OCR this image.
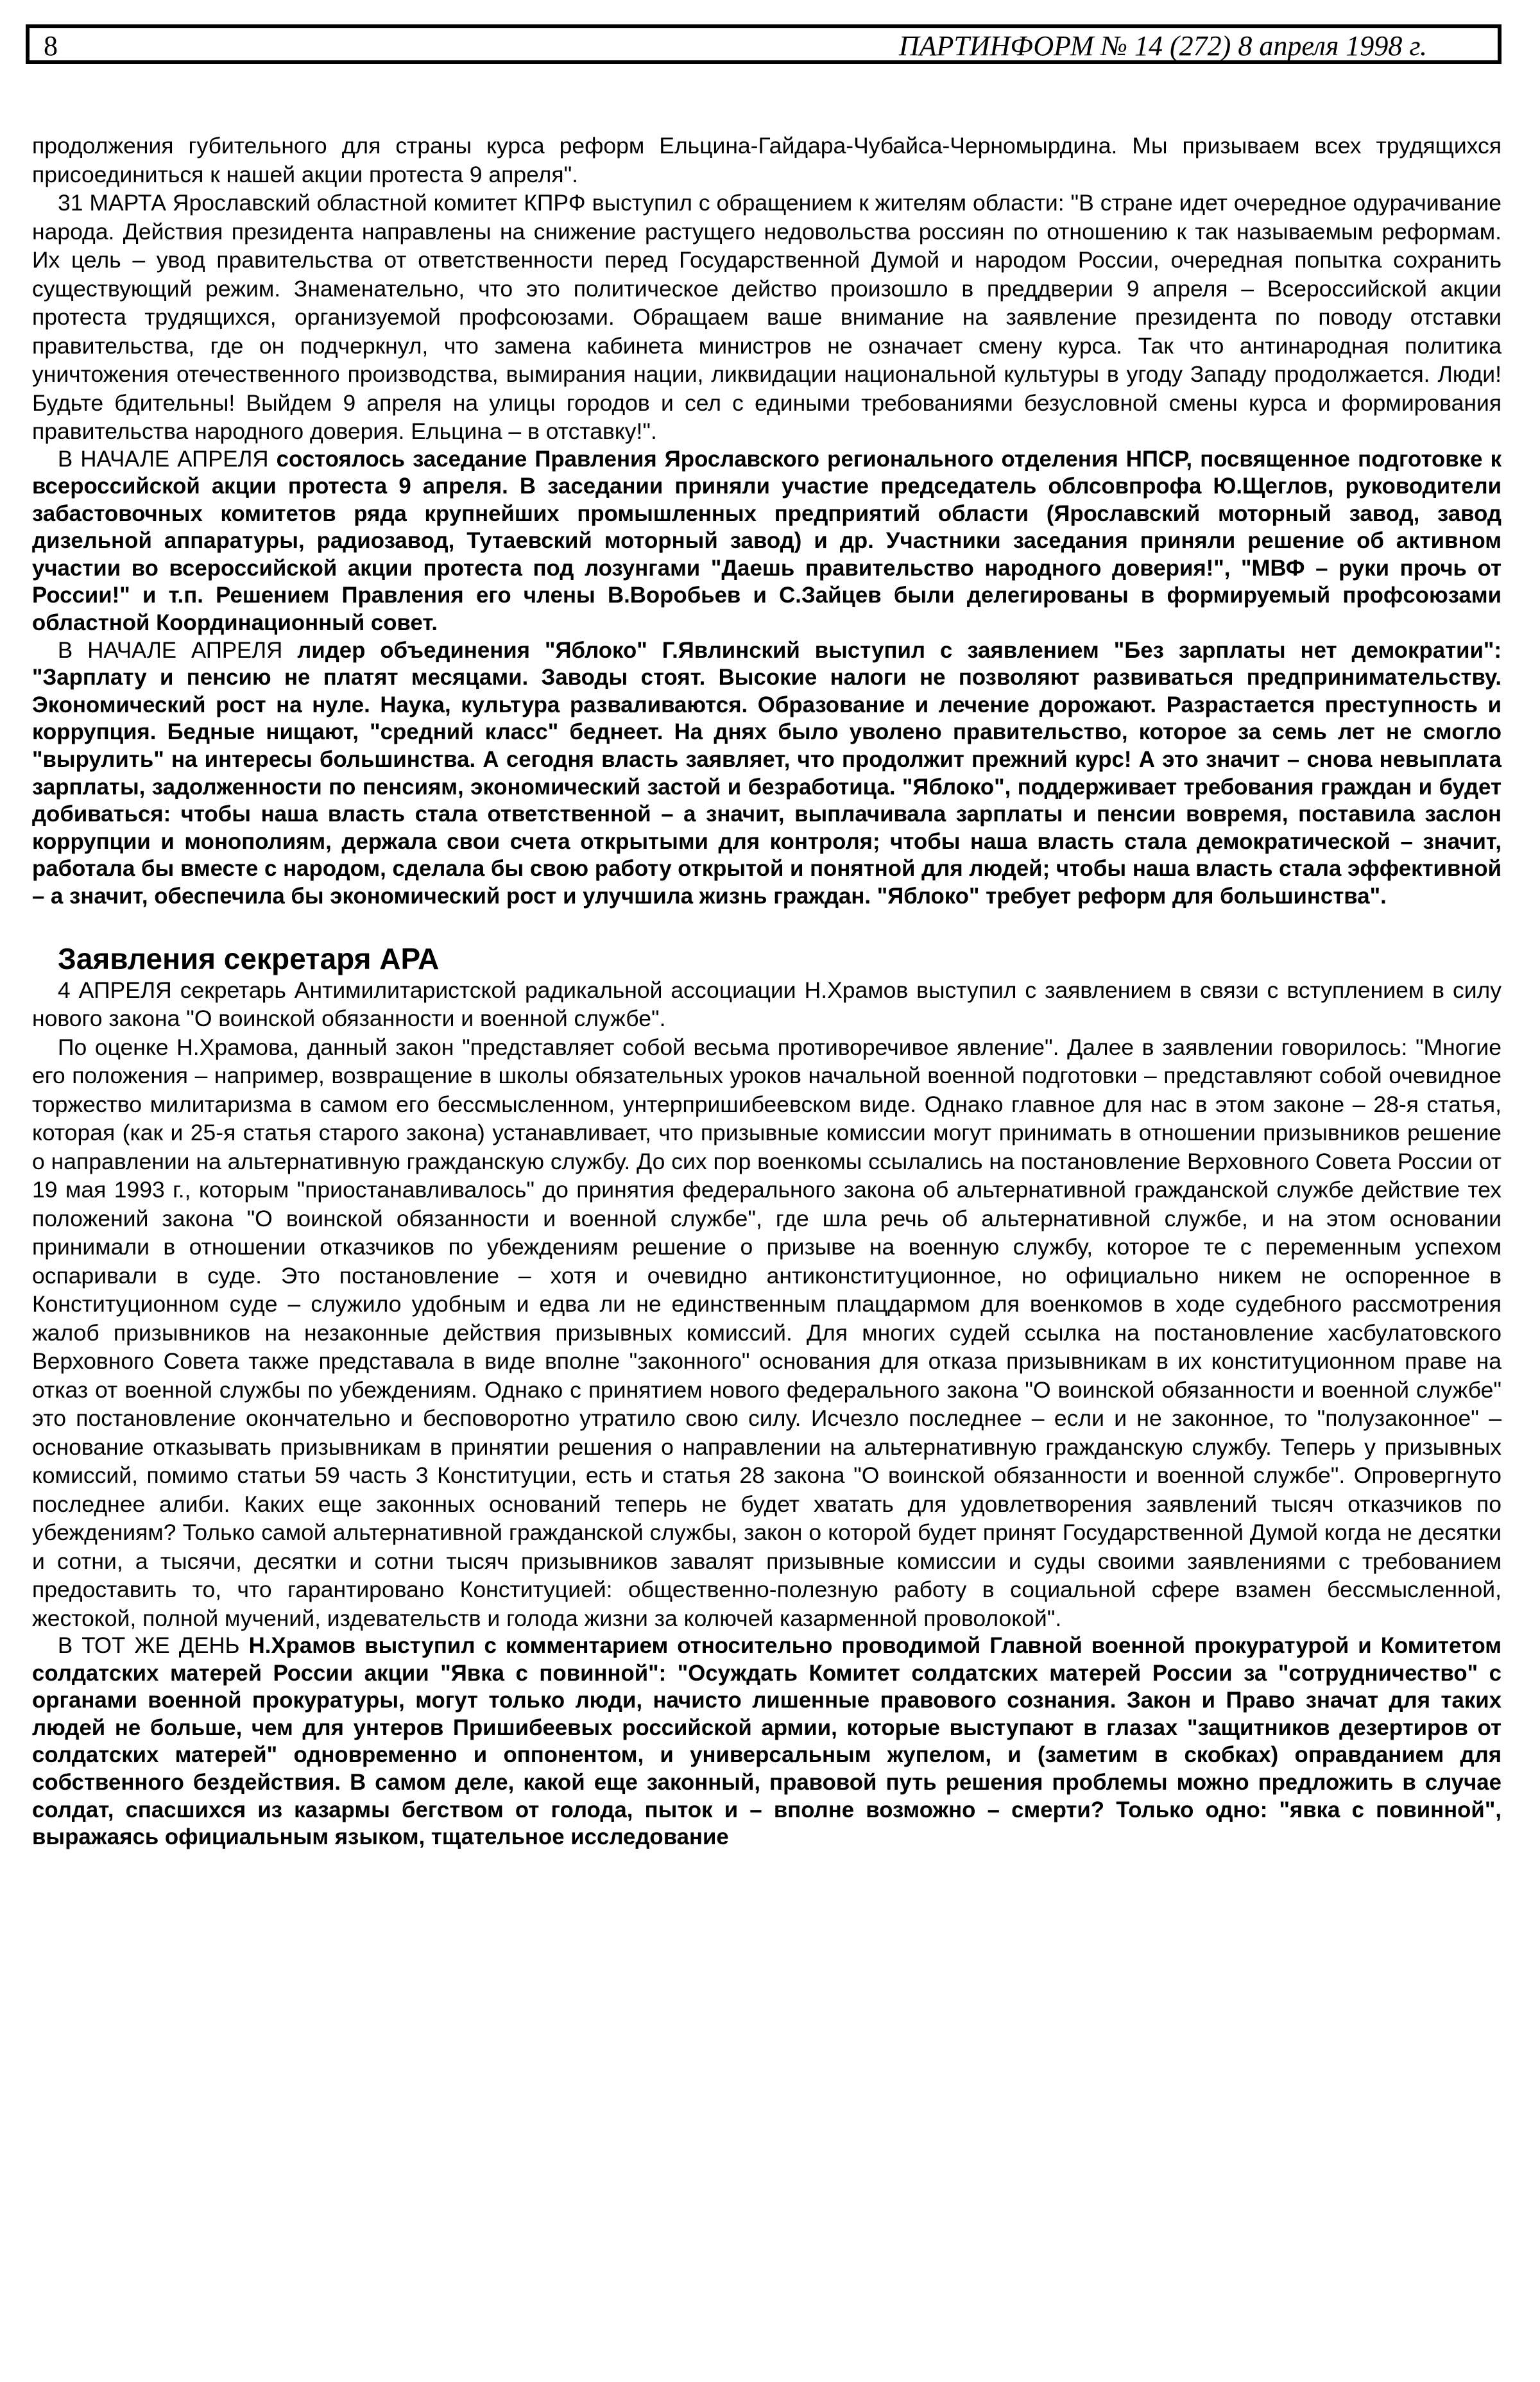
8	ПАРТИНФОРМ № 14 (272) 8 апреля 1998 г.

продолжения губительного для страны курса реформ Ельцина-Гайдара-Чубайса-Черномырдина. Мы призываем всех трудящихся присоединиться к нашей акции протеста 9 апреля".

31 МАРТА Ярославский областной комитет КПРФ выступил с обращением к жителям области: "В стране идет очередное одурачивание народа. Действия президента направлены на снижение растущего недовольства россиян по отношению к так называемым реформам. Их цель – увод правительства от ответственности перед Государственной Думой и народом России, очередная попытка сохранить существующий режим. Знаменательно, что это политическое действо произошло в преддверии 9 апреля – Всероссийской акции протеста трудящихся, организуемой профсоюзами. Обращаем ваше внимание на заявление президента по поводу отставки правительства, где он подчеркнул, что замена кабинета министров не означает смену курса. Так что антинародная политика уничтожения отечественного производства, вымирания нации, ликвидации национальной культуры в угоду Западу продолжается. Люди! Будьте бдительны! Выйдем 9 апреля на улицы городов и сел с едиными требованиями безусловной смены курса и формирования правительства народного доверия. Ельцина – в отставку!".

В НАЧАЛЕ АПРЕЛЯ состоялось заседание Правления Ярославского регионального отделения НПСР, посвященное подготовке к всероссийской акции протеста 9 апреля. В заседании приняли участие председатель облсовпрофа Ю.Щеглов, руководители забастовочных комитетов ряда крупнейших промышленных предприятий области (Ярославский моторный завод, завод дизельной аппаратуры, радиозавод, Тутаевский моторный завод) и др. Участники заседания приняли решение об активном участии во всероссийской акции протеста под лозунгами "Даешь правительство народного доверия!", "МВФ – руки прочь от России!" и т.п. Решением Правления его члены В.Воробьев и С.Зайцев были делегированы в формируемый профсоюзами областной Координационный совет.

В НАЧАЛЕ АПРЕЛЯ лидер объединения "Яблоко" Г.Явлинский выступил с заявлением "Без зарплаты нет демократии": "Зарплату и пенсию не платят месяцами. Заводы стоят. Высокие налоги не позволяют развиваться предпринимательству. Экономический рост на нуле. Наука, культура разваливаются. Образование и лечение дорожают. Разрастается преступность и коррупция. Бедные нищают, "средний класс" беднеет. На днях было уволено правительство, которое за семь лет не смогло "вырулить" на интересы большинства. А сегодня власть заявляет, что продолжит прежний курс! А это значит – снова невыплата зарплаты, задолженности по пенсиям, экономический застой и безработица. "Яблоко", поддерживает требования граждан и будет добиваться: чтобы наша власть стала ответственной – а значит, выплачивала зарплаты и пенсии вовремя, поставила заслон коррупции и монополиям, держала свои счета открытыми для контроля; чтобы наша власть стала демократической – значит, работала бы вместе с народом, сделала бы свою работу открытой и понятной для людей; чтобы наша власть стала эффективной – а значит, обеспечила бы экономический рост и улучшила жизнь граждан. "Яблоко" требует реформ для большинства".

Заявления секретаря АРА

4 АПРЕЛЯ секретарь Антимилитаристской радикальной ассоциации Н.Храмов выступил с заявлением в связи с вступлением в силу нового закона "О воинской обязанности и военной службе".

По оценке Н.Храмова, данный закон "представляет собой весьма противоречивое явление". Далее в заявлении говорилось: "Многие его положения – например, возвращение в школы обязательных уроков начальной военной подготовки – представляют собой очевидное торжество милитаризма в самом его бессмысленном, унтерпришибеевском виде. Однако главное для нас в этом законе – 28-я статья, которая (как и 25-я статья старого закона) устанавливает, что призывные комиссии могут принимать в отношении призывников решение о направлении на альтернативную гражданскую службу. До сих пор военкомы ссылались на постановление Верховного Совета России от 19 мая 1993 г., которым "приостанавливалось" до принятия федерального закона об альтернативной гражданской службе действие тех положений закона "О воинской обязанности и военной службе", где шла речь об альтернативной службе, и на этом основании принимали в отношении отказчиков по убеждениям решение о призыве на военную службу, которое те с переменным успехом оспаривали в суде. Это постановление – хотя и очевидно антиконституционное, но официально никем не оспоренное в Конституционном суде – служило удобным и едва ли не единственным плацдармом для военкомов в ходе судебного рассмотрения жалоб призывников на незаконные действия призывных комиссий. Для многих судей ссылка на постановление хасбулатовского Верховного Совета также представала в виде вполне "законного" основания для отказа призывникам в их конституционном праве на отказ от военной службы по убеждениям. Однако с принятием нового федерального закона "О воинской обязанности и военной службе" это постановление окончательно и бесповоротно утратило свою силу. Исчезло последнее – если и не законное, то "полузаконное" – основание отказывать призывникам в принятии решения о направлении на альтернативную гражданскую службу. Теперь у призывных комиссий, помимо статьи 59 часть 3 Конституции, есть и статья 28 закона "О воинской обязанности и военной службе". Опровергнуто последнее алиби. Каких еще законных оснований теперь не будет хватать для удовлетворения заявлений тысяч отказчиков по убеждениям? Только самой альтернативной гражданской службы, закон о которой будет принят Государственной Думой когда не десятки и сотни, а тысячи, десятки и сотни тысяч призывников завалят призывные комиссии и суды своими заявлениями с требованием предоставить то, что гарантировано Конституцией: общественно-полезную работу в социальной сфере взамен бессмысленной, жестокой, полной мучений, издевательств и голода жизни за колючей казарменной проволокой".

В ТОТ ЖЕ ДЕНЬ Н.Храмов выступил с комментарием относительно проводимой Главной военной прокуратурой и Комитетом солдатских матерей России акции "Явка с повинной": "Осуждать Комитет солдатских матерей России за "сотрудничество" с органами военной прокуратуры, могут только люди, начисто лишенные правового сознания. Закон и Право значат для таких людей не больше, чем для унтеров Пришибеевых российской армии, которые выступают в глазах "защитников дезертиров от солдатских матерей" одновременно и оппонентом, и универсальным жупелом, и (заметим в скобках) оправданием для собственного бездействия. В самом деле, какой еще законный, правовой путь решения проблемы можно предложить в случае солдат, спасшихся из казармы бегством от голода, пыток и – вполне возможно – смерти? Только одно: "явка с повинной", выражаясь официальным языком, тщательное исследование
